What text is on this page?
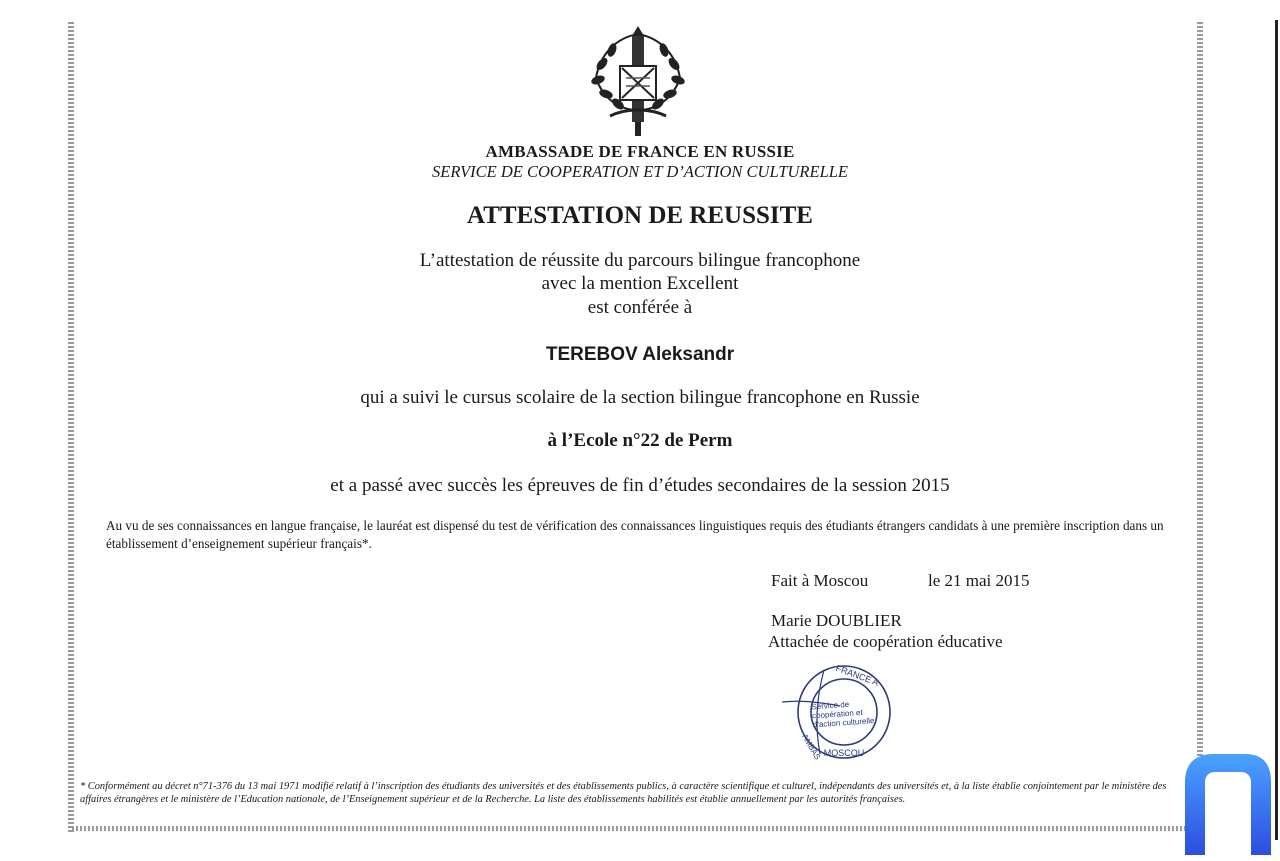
AMBASSADE DE FRANCE EN RUSSIE
SERVICE DE COOPERATION ET D’ACTION CULTURELLE
ATTESTATION DE REUSSITE
L’attestation de réussite du parcours bilingue francophone
avec la mention Excellent
est conférée à
TEREBOV Aleksandr
qui a suivi le cursus scolaire de la section bilingue francophone en Russie
à l’Ecole n°22 de Perm
et a passé avec succès les épreuves de fin d’études secondaires de la session 2015
Au vu de ses connaissances en langue française, le lauréat est dispensé du test de vérification des connaissances linguistiques requis des étudiants étrangers candidats à une première inscription dans un établissement d’enseignement supérieur français*.
Fait à Moscou	le 21 mai 2015
Marie DOUBLIER
Attachée de coopération éducative
FRANCE A
MOSCOU
AMBAS
Service de coopération et d’action culturelle
* Conformément au décret n°71-376 du 13 mai 1971 modifié relatif à l’inscription des étudiants des universités et des établissements publics, à caractère scientifique et culturel, indépendants des universités et, à la liste établie conjointement par le ministère des affaires étrangères et le ministère de l’Education nationale, de l’Enseignement supérieur et de la Recherche. La liste des établissements habilités est établie annuellement par les autorités françaises.
